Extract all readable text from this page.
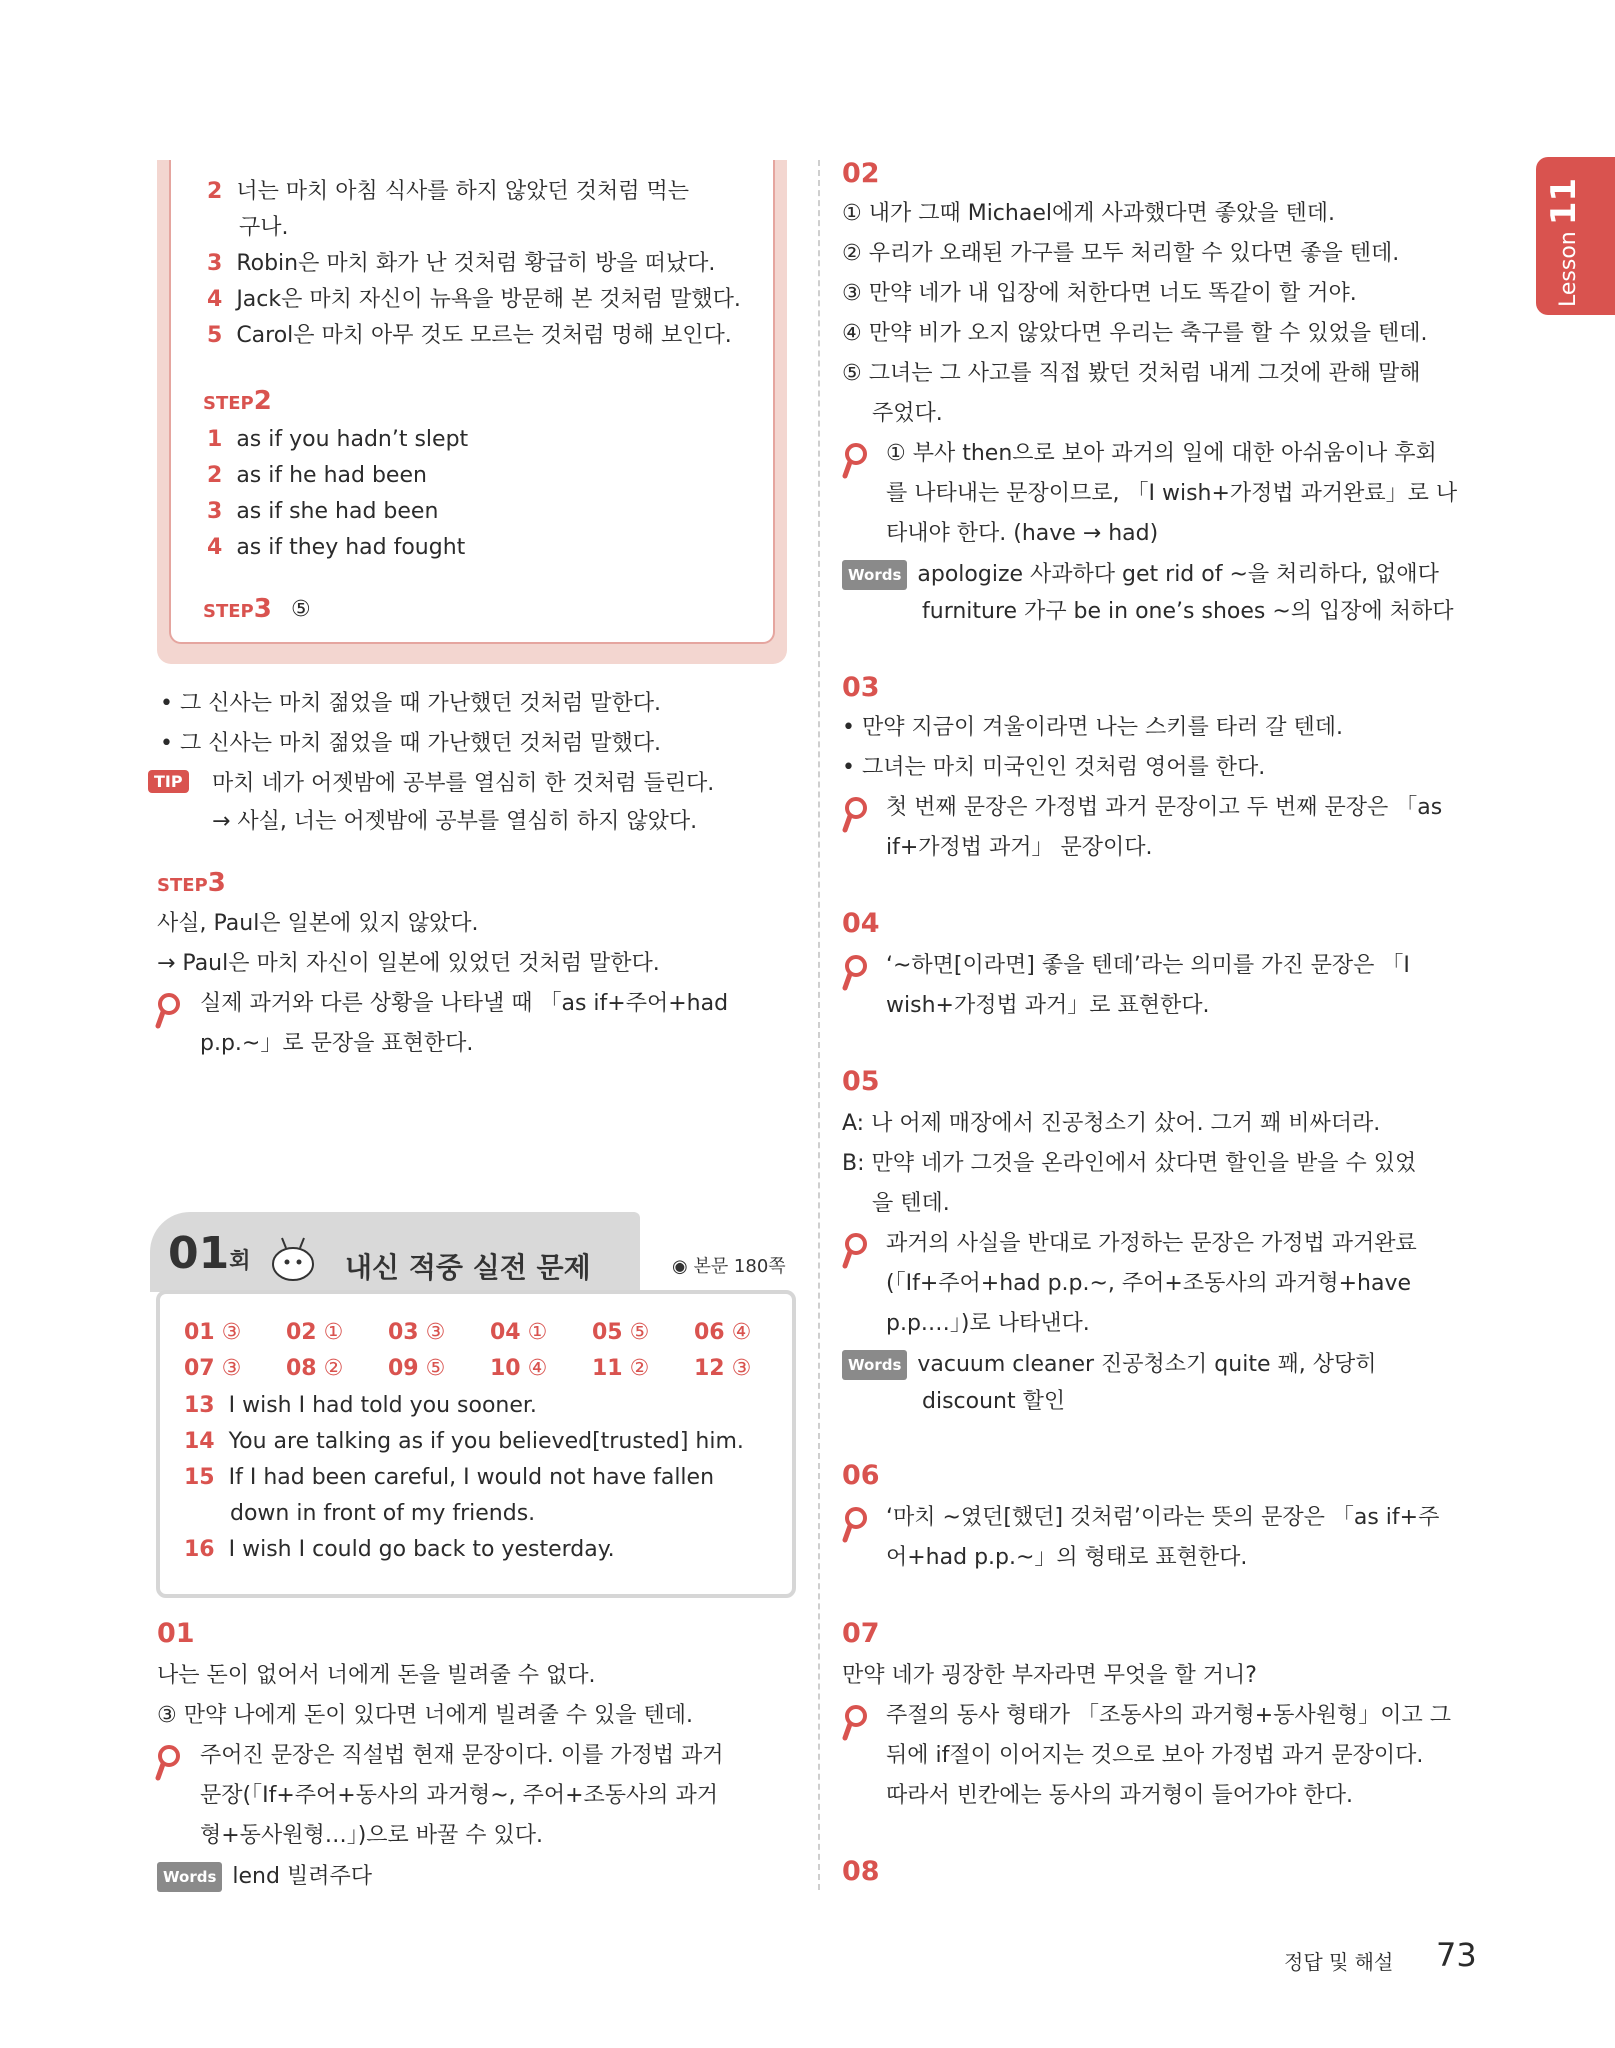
Lesson11
2 너는 마치 아침 식사를 하지 않았던 것처럼 먹는
구나.
3 Robin은 마치 화가 난 것처럼 황급히 방을 떠났다.
4 Jack은 마치 자신이 뉴욕을 방문해 본 것처럼 말했다.
5 Carol은 마치 아무 것도 모르는 것처럼 멍해 보인다.
STEP2
1 as if you hadn’t slept
2 as if he had been
3 as if she had been
4 as if they had fought
STEP3 ⑤
• 그 신사는 마치 젊었을 때 가난했던 것처럼 말한다.
• 그 신사는 마치 젊었을 때 가난했던 것처럼 말했다.
TIP 마치 네가 어젯밤에 공부를 열심히 한 것처럼 들린다.
→ 사실, 너는 어젯밤에 공부를 열심히 하지 않았다.
STEP3
사실, Paul은 일본에 있지 않았다.
→ Paul은 마치 자신이 일본에 있었던 것처럼 말한다.
실제 과거와 다른 상황을 나타낼 때 「as if+주어+had
p.p.~」로 문장을 표현한다.
01회	내신 적중 실전 문제	◉ 본문 180쪽
01 ③ 02 ① 03 ③ 04 ① 05 ⑤ 06 ④
07 ③ 08 ② 09 ⑤ 10 ④ 11 ② 12 ③
13 I wish I had told you sooner.
14 You are talking as if you believed[trusted] him.
15 If I had been careful, I would not have fallen
down in front of my friends.
16 I wish I could go back to yesterday.
01
나는 돈이 없어서 너에게 돈을 빌려줄 수 없다.
③ 만약 나에게 돈이 있다면 너에게 빌려줄 수 있을 텐데.
주어진 문장은 직설법 현재 문장이다. 이를 가정법 과거
문장(「If+주어+동사의 과거형~, 주어+조동사의 과거
형+동사원형…」)으로 바꿀 수 있다.
Words lend 빌려주다
02
① 내가 그때 Michael에게 사과했다면 좋았을 텐데.
② 우리가 오래된 가구를 모두 처리할 수 있다면 좋을 텐데.
③ 만약 네가 내 입장에 처한다면 너도 똑같이 할 거야.
④ 만약 비가 오지 않았다면 우리는 축구를 할 수 있었을 텐데.
⑤ 그녀는 그 사고를 직접 봤던 것처럼 내게 그것에 관해 말해
주었다.
① 부사 then으로 보아 과거의 일에 대한 아쉬움이나 후회
를 나타내는 문장이므로, 「I wish+가정법 과거완료」로 나
타내야 한다. (have → had)
Words apologize 사과하다 get rid of ~을 처리하다, 없애다
furniture 가구 be in one’s shoes ~의 입장에 처하다
03
• 만약 지금이 겨울이라면 나는 스키를 타러 갈 텐데.
• 그녀는 마치 미국인인 것처럼 영어를 한다.
첫 번째 문장은 가정법 과거 문장이고 두 번째 문장은 「as
if+가정법 과거」 문장이다.
04
‘~하면[이라면] 좋을 텐데’라는 의미를 가진 문장은 「I
wish+가정법 과거」로 표현한다.
05
A: 나 어제 매장에서 진공청소기 샀어. 그거 꽤 비싸더라.
B: 만약 네가 그것을 온라인에서 샀다면 할인을 받을 수 있었
을 텐데.
과거의 사실을 반대로 가정하는 문장은 가정법 과거완료
(「If+주어+had p.p.~, 주어+조동사의 과거형+have
p.p.…」)로 나타낸다.
Words vacuum cleaner 진공청소기 quite 꽤, 상당히
discount 할인
06
‘마치 ~였던[했던] 것처럼’이라는 뜻의 문장은 「as if+주
어+had p.p.~」의 형태로 표현한다.
07
만약 네가 굉장한 부자라면 무엇을 할 거니?
주절의 동사 형태가 「조동사의 과거형+동사원형」이고 그
뒤에 if절이 이어지는 것으로 보아 가정법 과거 문장이다.
따라서 빈칸에는 동사의 과거형이 들어가야 한다.
08
정답 및 해설 73
